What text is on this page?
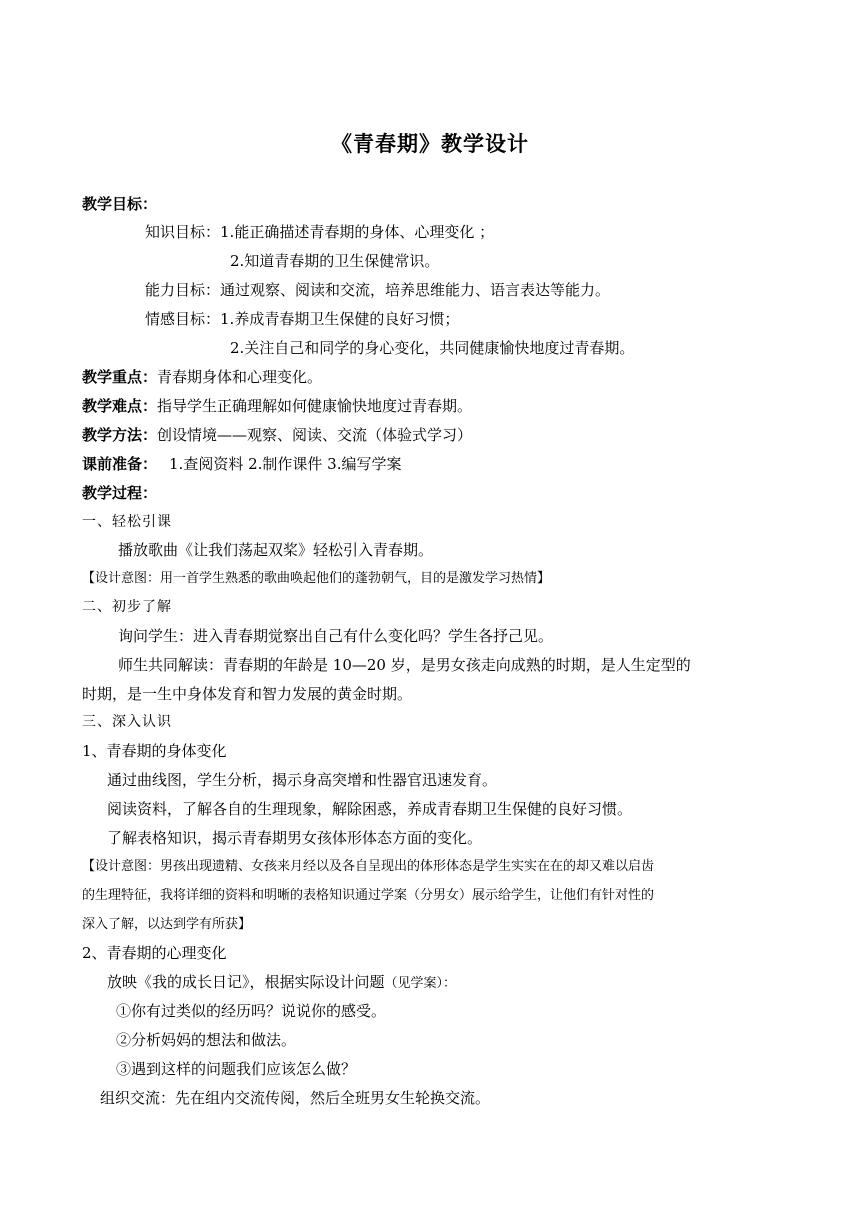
《青春期》教学设计
教学目标：
知识目标：1.能正确描述青春期的身体、心理变化 ；
2.知道青春期的卫生保健常识。
能力目标：通过观察、阅读和交流，培养思维能力、语言表达等能力。
情感目标：1.养成青春期卫生保健的良好习惯；
2.关注自己和同学的身心变化，共同健康愉快地度过青春期。
教学重点：青春期身体和心理变化。
教学难点：指导学生正确理解如何健康愉快地度过青春期。
教学方法：创设情境——观察、阅读、交流（体验式学习）
课前准备： 1.查阅资料 2.制作课件 3.编写学案
教学过程：
一、轻松引课
播放歌曲《让我们荡起双桨》轻松引入青春期。
【设计意图：用一首学生熟悉的歌曲唤起他们的蓬勃朝气，目的是激发学习热情】
二、初步了解
询问学生：进入青春期觉察出自己有什么变化吗？学生各抒己见。
师生共同解读：青春期的年龄是 10—20 岁，是男女孩走向成熟的时期，是人生定型的
时期，是一生中身体发育和智力发展的黄金时期。
三、深入认识
1、青春期的身体变化
通过曲线图，学生分析，揭示身高突增和性器官迅速发育。
阅读资料，了解各自的生理现象，解除困惑，养成青春期卫生保健的良好习惯。
了解表格知识，揭示青春期男女孩体形体态方面的变化。
【设计意图：男孩出现遗精、女孩来月经以及各自呈现出的体形体态是学生实实在在的却又难以启齿
的生理特征，我将详细的资料和明晰的表格知识通过学案（分男女）展示给学生，让他们有针对性的
深入了解，以达到学有所获】
2、青春期的心理变化
放映《我的成长日记》，根据实际设计问题（见学案）：
①你有过类似的经历吗？说说你的感受。
②分析妈妈的想法和做法。
③遇到这样的问题我们应该怎么做？
组织交流：先在组内交流传阅，然后全班男女生轮换交流。
